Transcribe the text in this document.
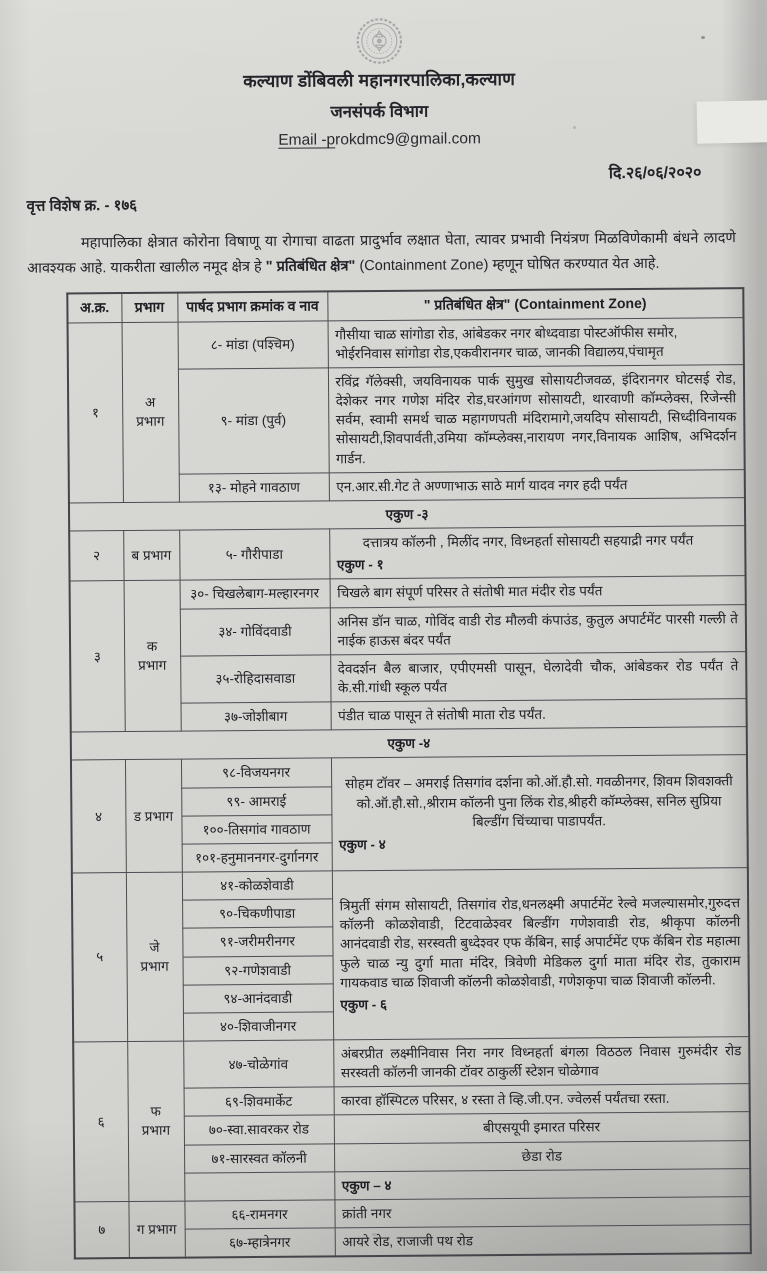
कल्याण डोंबिवली महानगरपालिका,कल्याण
जनसंपर्क विभाग
Email -prokdmc9@gmail.com
दि.२६/०६/२०२०
वृत्त विशेष क्र. - १७६

महापालिका क्षेत्रात कोरोना विषाणू या रोगाचा वाढता प्रादुर्भाव लक्षात घेता, त्यावर प्रभावी नियंत्रण मिळविणेकामी बंधने लादणे आवश्यक आहे. याकरीता खालील नमूद क्षेत्र हे " प्रतिबंधित क्षेत्र" (Containment Zone) म्हणून घोषित करण्यात येत आहे.

अ.क्र.	प्रभाग	पार्षद प्रभाग क्रमांक व नाव	" प्रतिबंधित क्षेत्र" (Containment Zone)
१	अ प्रभाग	८- मांडा (पश्चिम)	गौसीया चाळ सांगोडा रोड, आंबेडकर नगर बोध्दवाडा पोस्टऑफीस समोर, भोईरनिवास सांगोडा रोड,एकवीरानगर चाळ, जानकी विद्यालय,पंचामृत
		९- मांडा (पुर्व)	रविंद्र गॅलेक्सी, जयविनायक पार्क सुमुख सोसायटीजवळ, इंदिरानगर घोटसई रोड, देशेकर नगर गणेश मंदिर रोड,घरआंगण सोसायटी, थारवाणी कॉम्प्लेक्स, रिजेन्सी सर्वम, स्वामी समर्थ चाळ महागणपती मंदिरामागे,जयदिप सोसायटी, सिध्दीविनायक सोसायटी,शिवपार्वती,उमिया कॉम्प्लेक्स,नारायण नगर,विनायक आशिष, अभिदर्शन गार्डन.
		१३- मोहने गावठाण	एन.आर.सी.गेट ते अण्णाभाऊ साठे मार्ग यादव नगर हदी पर्यंत
एकुण -३			
२	ब प्रभाग	५- गौरीपाडा	दत्तात्रय कॉलनी , मिलींद नगर, विध्नहर्ता सोसायटी सहयाद्री नगर पर्यंत
एकुण - १

३	क प्रभाग	३०- चिखलेबाग-मल्हारनगर	चिखले बाग संपूर्ण परिसर ते संतोषी मात मंदीर रोड पर्यंत
		३४- गोविंदवाडी	अनिस डॉन चाळ, गोविंद वाडी रोड मौलवी कंपाउंड, कुतुल अपार्टमेंट पारसी गल्ली ते नाईक हाऊस बंदर पर्यंत
		३५-रोहिदासवाडा	देवदर्शन बैल बाजार, एपीएमसी पासून, घेलादेवी चौक, आंबेडकर रोड पर्यंत ते के.सी.गांधी स्कूल पर्यंत
		३७-जोशीबाग	पंडीत चाळ पासून ते संतोषी माता रोड पर्यंत.
एकुण -४			
४	ड प्रभाग	९८-विजयनगर	सोहम टॉवर – अमराई तिसगांव दर्शना को.ऑ.हौ.सो. गवळीनगर, शिवम शिवशक्ती को.ऑ.हौ.सो.,श्रीराम कॉलनी पुना लिंक रोड,श्रीहरी कॉम्प्लेक्स, सनिल सुप्रिया बिल्डींग चिंच्याचा पाडापर्यंत.
एकुण - ४

		९९- आमराई	
		१००-तिसगांव गावठाण	
		१०१-हनुमाननगर-दुर्गानगर	
५	जे प्रभाग	४१-कोळशेवाडी	त्रिमुर्ती संगम सोसायटी, तिसगांव रोड,धनलक्ष्मी अपार्टमेंट रेल्वे मजल्यासमोर,गुरुदत्त कॉलनी कोळशेवाडी, टिटवाळेश्वर बिल्डींग गणेशवाडी रोड, श्रीकृपा कॉलनी आनंदवाडी रोड, सरस्वती बुध्देश्वर एफ कॅबिन, साई अपार्टमेंट एफ कॅबिन रोड महात्मा फुले चाळ न्यु दुर्गा माता मंदिर, त्रिवेणी मेडिकल दुर्गा माता मंदिर रोड, तुकाराम गायकवाड चाळ शिवाजी कॉलनी कोळशेवाडी, गणेशकृपा चाळ शिवाजी कॉलनी.
एकुण - ६

		९०-चिकणीपाडा	
		९१-जरीमरीनगर	
		९२-गणेशवाडी	
		९४-आनंदवाडी	
		४०-शिवाजीनगर	
६	फ प्रभाग	४७-चोळेगांव	अंबरप्रीत लक्ष्मीनिवास निरा नगर विध्नहर्ता बंगला विठठल निवास गुरुमंदीर रोड सरस्वती कॉलनी जानकी टॉवर ठाकुर्ली स्टेशन चोळेगाव
		६९-शिवमार्केट	कारवा हॉस्पिटल परिसर, ४ रस्ता ते व्हि.जी.एन. ज्वेलर्स पर्यंतचा रस्ता.
		७०-स्वा.सावरकर रोड	बीएसयूपी इमारत परिसर
		७१-सारस्वत कॉलनी	छेडा रोड
			एकुण – ४
७	ग प्रभाग	६६-रामनगर	क्रांती नगर
		६७-म्हात्रेनगर	आयरे रोड, राजाजी पथ रोड
